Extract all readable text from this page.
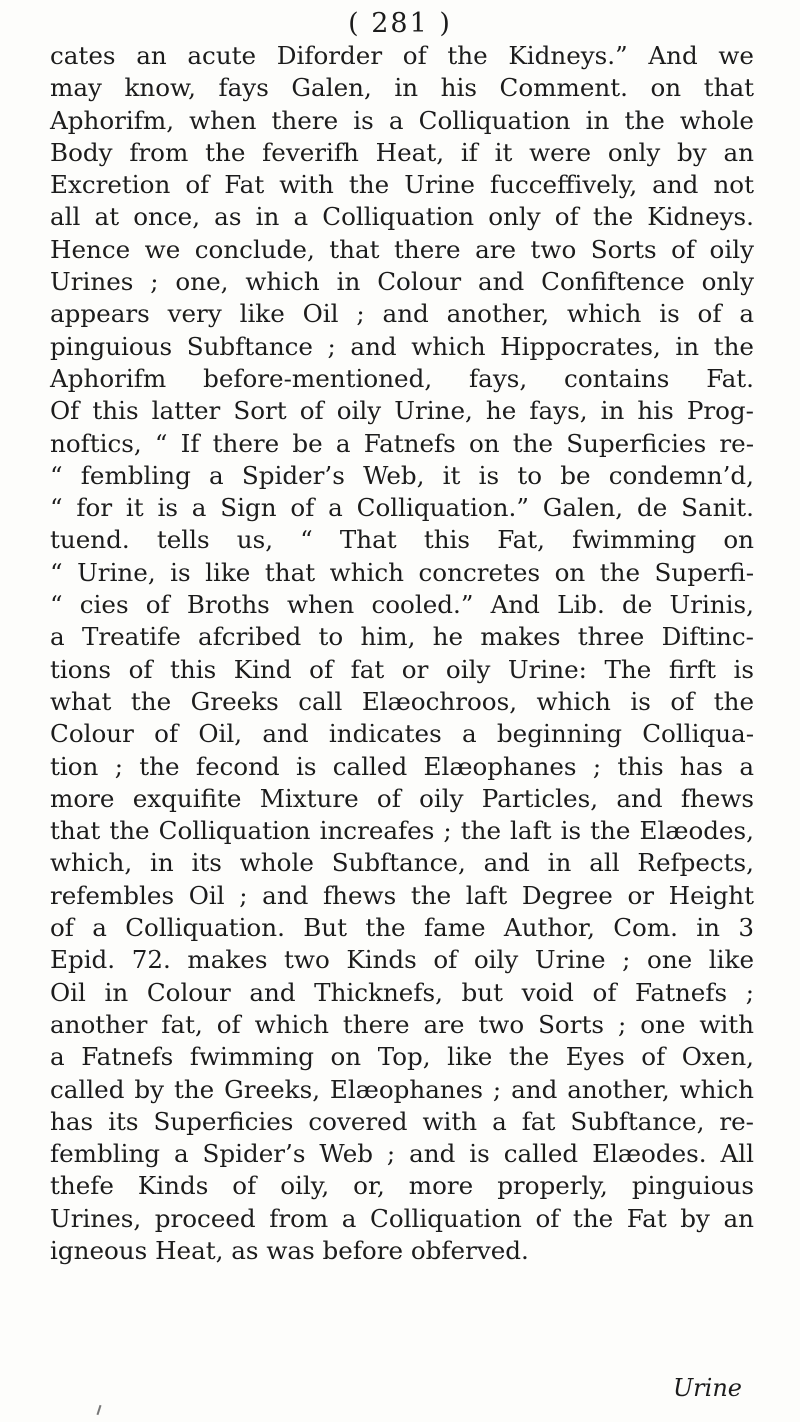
( 281 )
cates an acute Diforder of the Kidneys.” And we
may know, fays Galen, in his Comment. on that
Aphorifm, when there is a Colliquation in the whole
Body from the feverifh Heat, if it were only by an
Excretion of Fat with the Urine fucceffively, and not
all at once, as in a Colliquation only of the Kidneys.
Hence we conclude, that there are two Sorts of oily
Urines ; one, which in Colour and Confiftence only
appears very like Oil ; and another, which is of a
pinguious Subftance ; and which Hippocrates, in the
Aphorifm before-mentioned, fays, contains Fat.
Of this latter Sort of oily Urine, he fays, in his Prog-
noftics, “ If there be a Fatnefs on the Superficies re-
“ fembling a Spider’s Web, it is to be condemn’d,
“ for it is a Sign of a Colliquation.” Galen, de Sanit.
tuend. tells us, “ That this Fat, fwimming on
“ Urine, is like that which concretes on the Superfi-
“ cies of Broths when cooled.” And Lib. de Urinis,
a Treatife afcribed to him, he makes three Diftinc-
tions of this Kind of fat or oily Urine: The firft is
what the Greeks call Elæochroos, which is of the
Colour of Oil, and indicates a beginning Colliqua-
tion ; the fecond is called Elæophanes ; this has a
more exquifite Mixture of oily Particles, and fhews
that the Colliquation increafes ; the laft is the Elæodes,
which, in its whole Subftance, and in all Refpects,
refembles Oil ; and fhews the laft Degree or Height
of a Colliquation. But the fame Author, Com. in 3
Epid. 72. makes two Kinds of oily Urine ; one like
Oil in Colour and Thicknefs, but void of Fatnefs ;
another fat, of which there are two Sorts ; one with
a Fatnefs fwimming on Top, like the Eyes of Oxen,
called by the Greeks, Elæophanes ; and another, which
has its Superficies covered with a fat Subftance, re-
fembling a Spider’s Web ; and is called Elæodes. All
thefe Kinds of oily, or, more properly, pinguious
Urines, proceed from a Colliquation of the Fat by an
igneous Heat, as was before obferved.
Urine
